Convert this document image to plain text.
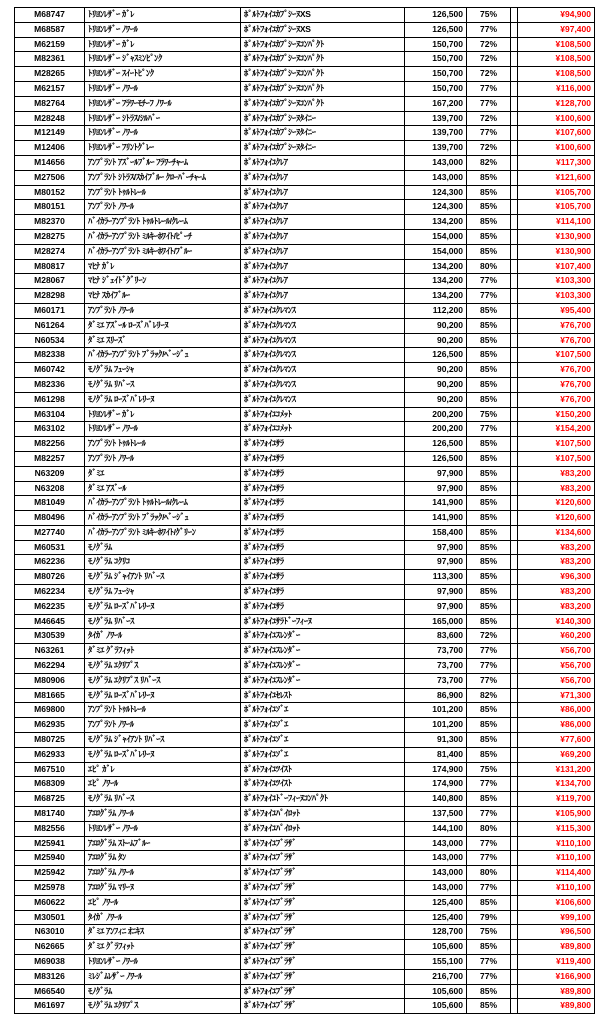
M68747	ﾄﾘﾖﾝﾚｻﾞｰ ｶﾞﾚ	ﾎﾟﾙﾄﾌｫｲﾕｶﾌﾟｼｰﾇXS	126,500	75%		¥94,900
M68587	ﾄﾘﾖﾝﾚｻﾞｰ ﾉﾜｰﾙ	ﾎﾟﾙﾄﾌｫｲﾕｶﾌﾟｼｰﾇXS	126,500	77%		¥97,400
M62159	ﾄﾘﾖﾝﾚｻﾞｰ ｶﾞﾚ	ﾎﾟﾙﾄﾌｫｲﾕｶﾌﾟｼｰﾇｺﾝﾊﾟｸﾄ	150,700	72%		¥108,500
M82361	ﾄﾘﾖﾝﾚｻﾞｰ ｼﾞｬｽﾐﾝﾋﾟﾝｸ	ﾎﾟﾙﾄﾌｫｲﾕｶﾌﾟｼｰﾇｺﾝﾊﾟｸﾄ	150,700	72%		¥108,500
M28265	ﾄﾘﾖﾝﾚｻﾞｰ ｽｲｰﾄﾋﾟﾝｸ	ﾎﾟﾙﾄﾌｫｲﾕｶﾌﾟｼｰﾇｺﾝﾊﾟｸﾄ	150,700	72%		¥108,500
M62157	ﾄﾘﾖﾝﾚｻﾞｰ ﾉﾜｰﾙ	ﾎﾟﾙﾄﾌｫｲﾕｶﾌﾟｼｰﾇｺﾝﾊﾟｸﾄ	150,700	77%		¥116,000
M82764	ﾄﾘﾖﾝﾚｻﾞｰ ﾌﾗﾜｰﾓﾁｰﾌ ﾉﾜｰﾙ	ﾎﾟﾙﾄﾌｫｲﾕｶﾌﾟｼｰﾇｺﾝﾊﾟｸﾄ	167,200	77%		¥128,700
M28248	ﾄﾘﾖﾝﾚｻﾞｰ ｼﾄﾗｽ/ｼﾙﾊﾞｰ	ﾎﾟﾙﾄﾌｫｲﾕｶﾌﾟｼｰﾇﾀｲﾆｰ	139,700	72%		¥100,600
M12149	ﾄﾘﾖﾝﾚｻﾞｰ ﾉﾜｰﾙ	ﾎﾟﾙﾄﾌｫｲﾕｶﾌﾟｼｰﾇﾀｲﾆｰ	139,700	77%		¥107,600
M12406	ﾄﾘﾖﾝﾚｻﾞｰ ﾌﾘﾝﾄｸﾞﾚｰ	ﾎﾟﾙﾄﾌｫｲﾕｶﾌﾟｼｰﾇﾀｲﾆｰ	139,700	72%		¥100,600
M14656	ｱﾝﾌﾟﾗﾝﾄ ｱｽﾞｰﾙﾌﾞﾙｰ ﾌﾗﾜｰﾁｬｰﾑ	ﾎﾟﾙﾄﾌｫｲﾕｸﾚｱ	143,000	82%		¥117,300
M27506	ｱﾝﾌﾟﾗﾝﾄ ｼﾄﾗｽ/ｽｶｲﾌﾞﾙｰ ｸﾛｰﾊﾞｰﾁｬｰﾑ	ﾎﾟﾙﾄﾌｫｲﾕｸﾚｱ	143,000	85%		¥121,600
M80152	ｱﾝﾌﾟﾗﾝﾄ ﾄｩﾙﾄﾚｰﾙ	ﾎﾟﾙﾄﾌｫｲﾕｸﾚｱ	124,300	85%		¥105,700
M80151	ｱﾝﾌﾟﾗﾝﾄ ﾉﾜｰﾙ	ﾎﾟﾙﾄﾌｫｲﾕｸﾚｱ	124,300	85%		¥105,700
M82370	ﾊﾞｲｶﾗｰｱﾝﾌﾟﾗﾝﾄ ﾄｩﾙﾄﾚｰﾙ/ｸﾚｰﾑ	ﾎﾟﾙﾄﾌｫｲﾕｸﾚｱ	134,200	85%		¥114,100
M28275	ﾊﾞｲｶﾗｰｱﾝﾌﾟﾗﾝﾄ ﾐﾙｷｰﾎﾜｲﾄ/ﾋﾟｰﾁ	ﾎﾟﾙﾄﾌｫｲﾕｸﾚｱ	154,000	85%		¥130,900
M28274	ﾊﾞｲｶﾗｰｱﾝﾌﾟﾗﾝﾄ ﾐﾙｷｰﾎﾜｲﾄ/ﾌﾞﾙｰ	ﾎﾟﾙﾄﾌｫｲﾕｸﾚｱ	154,000	85%		¥130,900
M80817	ﾏﾋﾅ ｶﾞﾚ	ﾎﾟﾙﾄﾌｫｲﾕｸﾚｱ	134,200	80%		¥107,400
M28067	ﾏﾋﾅ ｼﾞｪｲﾄﾞｸﾞﾘｰﾝ	ﾎﾟﾙﾄﾌｫｲﾕｸﾚｱ	134,200	77%		¥103,300
M28298	ﾏﾋﾅ ｽｶｲﾌﾞﾙｰ	ﾎﾟﾙﾄﾌｫｲﾕｸﾚｱ	134,200	77%		¥103,300
M60171	ｱﾝﾌﾟﾗﾝﾄ ﾉﾜｰﾙ	ﾎﾟﾙﾄﾌｫｲﾕｸﾚﾏﾝｽ	112,200	85%		¥95,400
N61264	ﾀﾞﾐｴ ｱｽﾞｰﾙ ﾛｰｽﾞﾊﾞﾚﾘｰﾇ	ﾎﾟﾙﾄﾌｫｲﾕｸﾚﾏﾝｽ	90,200	85%		¥76,700
N60534	ﾀﾞﾐｴ ｽﾘｰｽﾞ	ﾎﾟﾙﾄﾌｫｲﾕｸﾚﾏﾝｽ	90,200	85%		¥76,700
M82338	ﾊﾞｲｶﾗｰｱﾝﾌﾟﾗﾝﾄ ﾌﾞﾗｯｸ/ﾍﾞｰｼﾞｭ	ﾎﾟﾙﾄﾌｫｲﾕｸﾚﾏﾝｽ	126,500	85%		¥107,500
M60742	ﾓﾉｸﾞﾗﾑ ﾌｭｰｼｬ	ﾎﾟﾙﾄﾌｫｲﾕｸﾚﾏﾝｽ	90,200	85%		¥76,700
M82336	ﾓﾉｸﾞﾗﾑ ﾘﾊﾞｰｽ	ﾎﾟﾙﾄﾌｫｲﾕｸﾚﾏﾝｽ	90,200	85%		¥76,700
M61298	ﾓﾉｸﾞﾗﾑ ﾛｰｽﾞﾊﾞﾚﾘｰﾇ	ﾎﾟﾙﾄﾌｫｲﾕｸﾚﾏﾝｽ	90,200	85%		¥76,700
M63104	ﾄﾘﾖﾝﾚｻﾞｰ ｶﾞﾚ	ﾎﾟﾙﾄﾌｫｲﾕｺﾒｯﾄ	200,200	75%		¥150,200
M63102	ﾄﾘﾖﾝﾚｻﾞｰ ﾉﾜｰﾙ	ﾎﾟﾙﾄﾌｫｲﾕｺﾒｯﾄ	200,200	77%		¥154,200
M82256	ｱﾝﾌﾟﾗﾝﾄ ﾄｩﾙﾄﾚｰﾙ	ﾎﾟﾙﾄﾌｫｲﾕｻﾗ	126,500	85%		¥107,500
M82257	ｱﾝﾌﾟﾗﾝﾄ ﾉﾜｰﾙ	ﾎﾟﾙﾄﾌｫｲﾕｻﾗ	126,500	85%		¥107,500
N63209	ﾀﾞﾐｴ	ﾎﾟﾙﾄﾌｫｲﾕｻﾗ	97,900	85%		¥83,200
N63208	ﾀﾞﾐｴ ｱｽﾞｰﾙ	ﾎﾟﾙﾄﾌｫｲﾕｻﾗ	97,900	85%		¥83,200
M81049	ﾊﾞｲｶﾗｰｱﾝﾌﾟﾗﾝﾄ ﾄｩﾙﾄﾚｰﾙ/ｸﾚｰﾑ	ﾎﾟﾙﾄﾌｫｲﾕｻﾗ	141,900	85%		¥120,600
M80496	ﾊﾞｲｶﾗｰｱﾝﾌﾟﾗﾝﾄ ﾌﾞﾗｯｸ/ﾍﾞｰｼﾞｭ	ﾎﾟﾙﾄﾌｫｲﾕｻﾗ	141,900	85%		¥120,600
M27740	ﾊﾞｲｶﾗｰｱﾝﾌﾟﾗﾝﾄ ﾐﾙｷｰﾎﾜｲﾄ/ｸﾞﾘｰﾝ	ﾎﾟﾙﾄﾌｫｲﾕｻﾗ	158,400	85%		¥134,600
M60531	ﾓﾉｸﾞﾗﾑ	ﾎﾟﾙﾄﾌｫｲﾕｻﾗ	97,900	85%		¥83,200
M62236	ﾓﾉｸﾞﾗﾑ ｺｸﾘｺ	ﾎﾟﾙﾄﾌｫｲﾕｻﾗ	97,900	85%		¥83,200
M80726	ﾓﾉｸﾞﾗﾑ ｼﾞｬｲｱﾝﾄ ﾘﾊﾞｰｽ	ﾎﾟﾙﾄﾌｫｲﾕｻﾗ	113,300	85%		¥96,300
M62234	ﾓﾉｸﾞﾗﾑ ﾌｭｰｼｬ	ﾎﾟﾙﾄﾌｫｲﾕｻﾗ	97,900	85%		¥83,200
M62235	ﾓﾉｸﾞﾗﾑ ﾛｰｽﾞﾊﾞﾚﾘｰﾇ	ﾎﾟﾙﾄﾌｫｲﾕｻﾗ	97,900	85%		¥83,200
M46645	ﾓﾉｸﾞﾗﾑ ﾘﾊﾞｰｽ	ﾎﾟﾙﾄﾌｫｲﾕｻﾗﾄﾞｰﾌｨｰﾇ	165,000	85%		¥140,300
M30539	ﾀｲｶﾞ ﾉﾜｰﾙ	ﾎﾟﾙﾄﾌｫｲﾕｽﾚﾝﾀﾞｰ	83,600	72%		¥60,200
N63261	ﾀﾞﾐｴ ｸﾞﾗﾌｨｯﾄ	ﾎﾟﾙﾄﾌｫｲﾕｽﾚﾝﾀﾞｰ	73,700	77%		¥56,700
M62294	ﾓﾉｸﾞﾗﾑ ｴｸﾘﾌﾟｽ	ﾎﾟﾙﾄﾌｫｲﾕｽﾚﾝﾀﾞｰ	73,700	77%		¥56,700
M80906	ﾓﾉｸﾞﾗﾑ ｴｸﾘﾌﾟｽ ﾘﾊﾞｰｽ	ﾎﾟﾙﾄﾌｫｲﾕｽﾚﾝﾀﾞｰ	73,700	77%		¥56,700
M81665	ﾓﾉｸﾞﾗﾑ ﾛｰｽﾞﾊﾞﾚﾘｰﾇ	ﾎﾟﾙﾄﾌｫｲﾕｾﾚｽﾄ	86,900	82%		¥71,300
M69800	ｱﾝﾌﾟﾗﾝﾄ ﾄｩﾙﾄﾚｰﾙ	ﾎﾟﾙﾄﾌｫｲﾕｿﾞｴ	101,200	85%		¥86,000
M62935	ｱﾝﾌﾟﾗﾝﾄ ﾉﾜｰﾙ	ﾎﾟﾙﾄﾌｫｲﾕｿﾞｴ	101,200	85%		¥86,000
M80725	ﾓﾉｸﾞﾗﾑ ｼﾞｬｲｱﾝﾄ ﾘﾊﾞｰｽ	ﾎﾟﾙﾄﾌｫｲﾕｿﾞｴ	91,300	85%		¥77,600
M62933	ﾓﾉｸﾞﾗﾑ ﾛｰｽﾞﾊﾞﾚﾘｰﾇ	ﾎﾟﾙﾄﾌｫｲﾕｿﾞｴ	81,400	85%		¥69,200
M67510	ｴﾋﾟ ｶﾞﾚ	ﾎﾟﾙﾄﾌｫｲﾕﾂｲｽﾄ	174,900	75%		¥131,200
M68309	ｴﾋﾟ ﾉﾜｰﾙ	ﾎﾟﾙﾄﾌｫｲﾕﾂｲｽﾄ	174,900	77%		¥134,700
M68725	ﾓﾉｸﾞﾗﾑ ﾘﾊﾞｰｽ	ﾎﾟﾙﾄﾌｫｲﾕﾄﾞｰﾌｨｰﾇｺﾝﾊﾟｸﾄ	140,800	85%		¥119,700
M81740	ｱｴﾛｸﾞﾗﾑ ﾉﾜｰﾙ	ﾎﾟﾙﾄﾌｫｲﾕﾊﾟｲﾛｯﾄ	137,500	77%		¥105,900
M82556	ﾄﾘﾖﾝﾚｻﾞｰ ﾉﾜｰﾙ	ﾎﾟﾙﾄﾌｫｲﾕﾊﾟｲﾛｯﾄ	144,100	80%		¥115,300
M25941	ｱｴﾛｸﾞﾗﾑ ｽﾄｰﾑﾌﾞﾙｰ	ﾎﾟﾙﾄﾌｫｲﾕﾌﾞﾗｻﾞ	143,000	77%		¥110,100
M25940	ｱｴﾛｸﾞﾗﾑ ﾀﾝ	ﾎﾟﾙﾄﾌｫｲﾕﾌﾞﾗｻﾞ	143,000	77%		¥110,100
M25942	ｱｴﾛｸﾞﾗﾑ ﾉﾜｰﾙ	ﾎﾟﾙﾄﾌｫｲﾕﾌﾞﾗｻﾞ	143,000	80%		¥114,400
M25978	ｱｴﾛｸﾞﾗﾑ ﾏﾘｰﾇ	ﾎﾟﾙﾄﾌｫｲﾕﾌﾞﾗｻﾞ	143,000	77%		¥110,100
M60622	ｴﾋﾟ ﾉﾜｰﾙ	ﾎﾟﾙﾄﾌｫｲﾕﾌﾞﾗｻﾞ	125,400	85%		¥106,600
M30501	ﾀｲｶﾞ ﾉﾜｰﾙ	ﾎﾟﾙﾄﾌｫｲﾕﾌﾞﾗｻﾞ	125,400	79%		¥99,100
N63010	ﾀﾞﾐｴ ｱﾝﾌｨﾆ ｵﾆｷｽ	ﾎﾟﾙﾄﾌｫｲﾕﾌﾞﾗｻﾞ	128,700	75%		¥96,500
N62665	ﾀﾞﾐｴ ｸﾞﾗﾌｨｯﾄ	ﾎﾟﾙﾄﾌｫｲﾕﾌﾞﾗｻﾞ	105,600	85%		¥89,800
M69038	ﾄﾘﾖﾝﾚｻﾞｰ ﾉﾜｰﾙ	ﾎﾟﾙﾄﾌｫｲﾕﾌﾞﾗｻﾞ	155,100	77%		¥119,400
M83126	ﾐﾚｼﾞﾑﾚｻﾞｰ ﾉﾜｰﾙ	ﾎﾟﾙﾄﾌｫｲﾕﾌﾞﾗｻﾞ	216,700	77%		¥166,900
M66540	ﾓﾉｸﾞﾗﾑ	ﾎﾟﾙﾄﾌｫｲﾕﾌﾞﾗｻﾞ	105,600	85%		¥89,800
M61697	ﾓﾉｸﾞﾗﾑ ｴｸﾘﾌﾟｽ	ﾎﾟﾙﾄﾌｫｲﾕﾌﾞﾗｻﾞ	105,600	85%		¥89,800
